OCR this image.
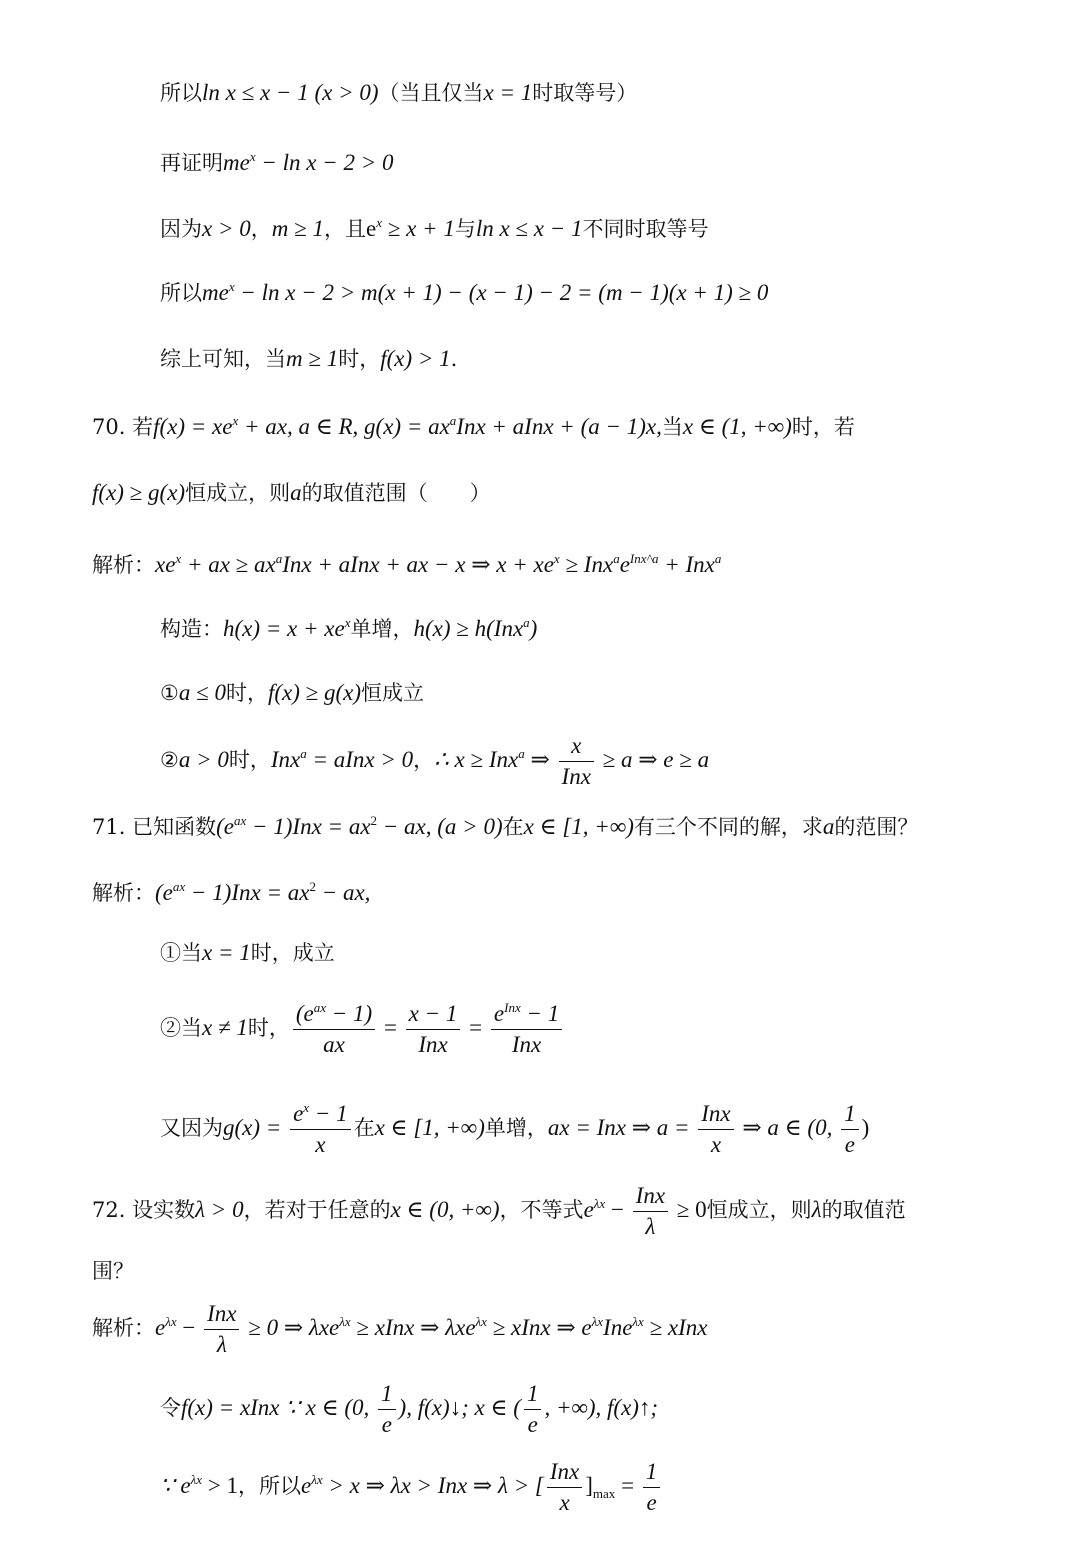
所以ln x ≤ x − 1 (x > 0)（当且仅当x = 1时取等号）
再证明$me^x - \ln x - 2 > 0$
因为x > 0，m ≥ 1，且$e^x \ge x + 1$与ln x ≤ x − 1不同时取等号
所以$me^x - \ln x - 2 > m(x + 1) - (x - 1) - 2 = (m - 1)(x + 1) \ge 0$
综上可知，当m ≥ 1时，f(x) > 1.
70. 若$f(x) = xe^x$ + ax, a ∈ R, $g(x) = ax^aInx$ + aInx + (a − 1)x,当x ∈ (1, +∞)时，若
f(x) ≥ g(x)恒成立，则a的取值范围（　　）
解析：$xe^x$ + ax ≥ $ax^aInx$ + aInx + ax − x ⇒ $x + xe^x \ge Inx^ae^{Inx\^{}a} + Inx^a$
构造：$h(x) = x + xe^x$单增，h(x) ≥ h(Inx$^a$)
①a ≤ 0时，f(x) ≥ g(x)恒成立
②a > 0时，Inx$^a$ = aInx > 0，∴ x ≥ Inx$^a$ ⇒ $\frac{x}{\text{Inx}} \ge a$ ⇒ e ≥ a
71. 已知函数$(e^{ax} - 1)Inx = ax^2$ − ax, (a > 0)在x ∈ [1, +∞)有三个不同的解，求a的范围？
解析：$(e^{ax} - 1)Inx = ax^2$ − ax,
①当x = 1时，成立
②当x ≠ 1时， $\frac{(e^{ax} - 1)}{ax} = \frac{x - 1}{\text{Inx}} = \frac{e^{Inx} - 1}{\text{Inx}}$
又因为$g(x) = \frac{e^x - 1}{x}$ 在x ∈ [1, +∞)单增，ax = Inx ⇒ $a = \frac{\text{Inx}}{x}$ ⇒ a ∈ (0, $\frac{1}{e}$ )
72. 设实数λ > 0，若对于任意的x ∈ (0, +∞)，不等式$e^{\lambda x} - \frac{\text{Inx}}{\lambda} \ge 0$恒成立，则λ的取值范
围？
解析：$e^{\lambda x} - \frac{\text{Inx}}{\lambda} \ge 0$ ⇒ λxe$^{\lambda x}$ ≥ xInx ⇒ λxe$^{\lambda x}$ ≥ xInx ⇒ $e^{\lambda x}Ine^{\lambda x}$ ≥ xInx
令f(x) = xInx ∵ x ∈ (0, $\frac{1}{e}$ ), f(x)↓; x ∈ ( $\frac{1}{e}$ , +∞), f(x)↑;
∵ $e^{\lambda x} > 1$，所以$e^{\lambda x} > x$ ⇒ λx > Inx ⇒ λ > [ $\frac{\text{Inx}}{x} ]_{max} = \frac{1}{e}$
